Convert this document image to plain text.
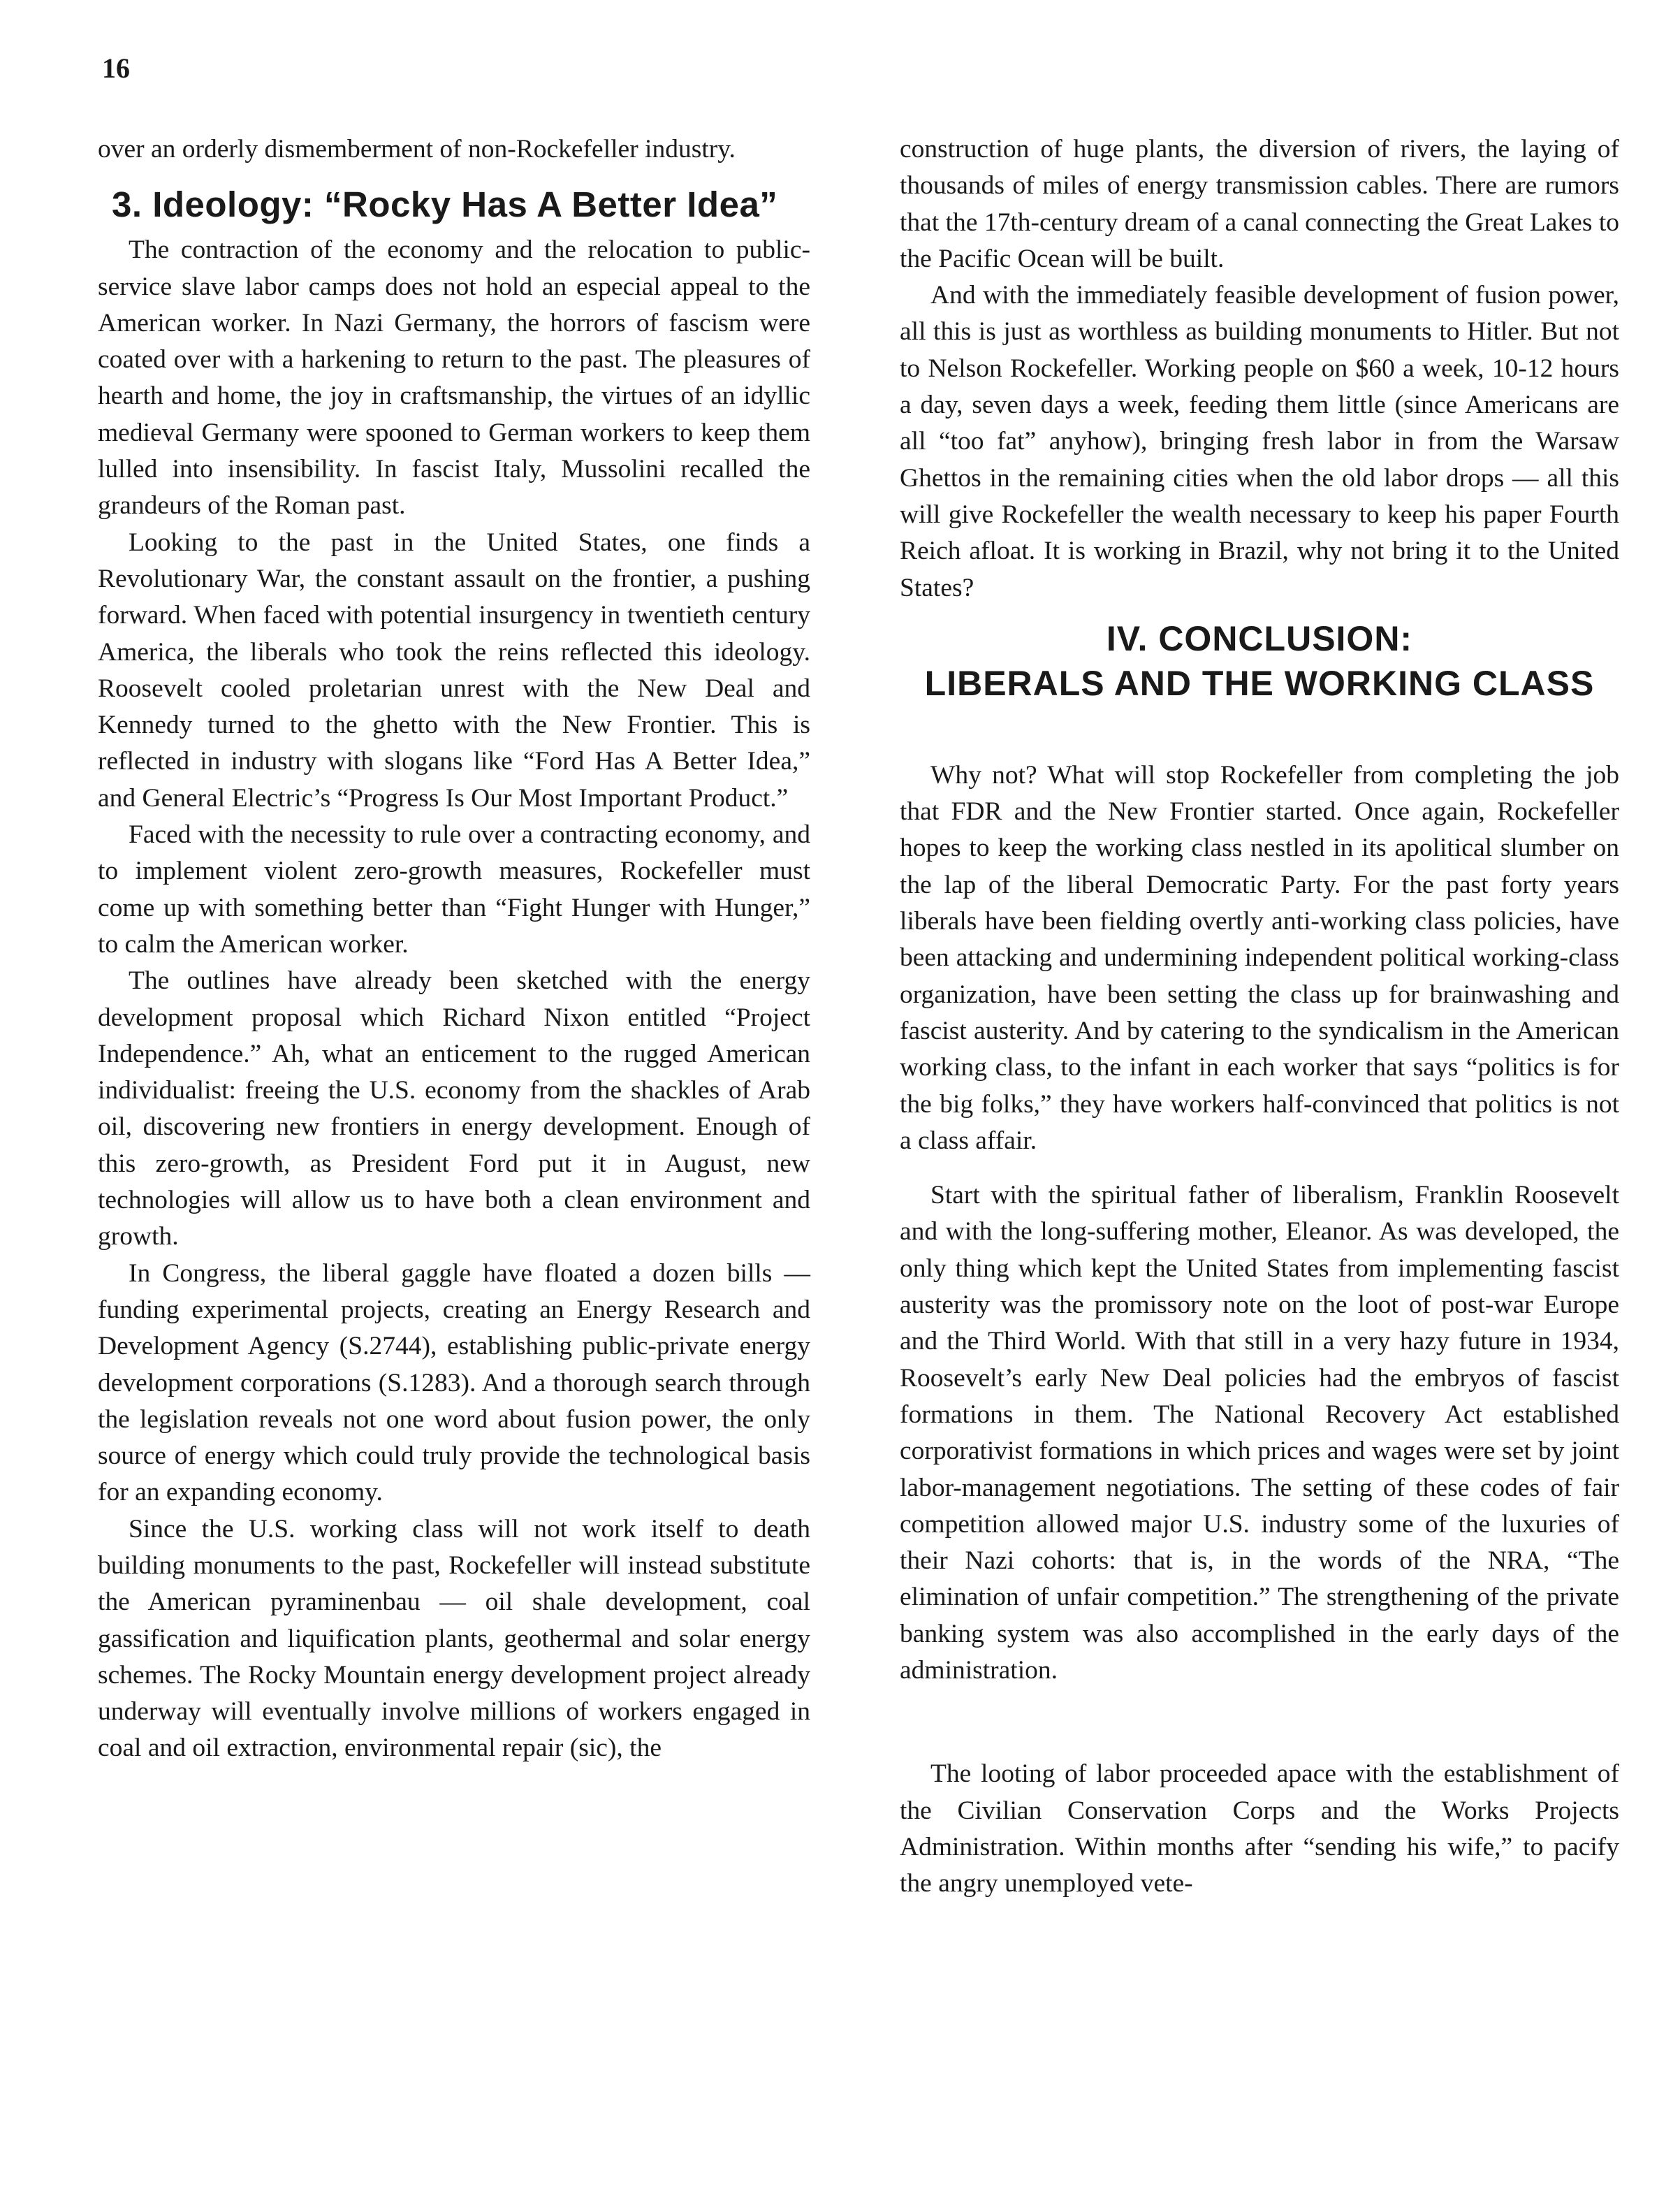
16

over an orderly dismemberment of non-Rockefeller industry.

3. Ideology: “Rocky Has A Better Idea”

The contraction of the economy and the relocation to public-service slave labor camps does not hold an especial appeal to the American worker. In Nazi Germany, the horrors of fascism were coated over with a harkening to return to the past. The pleasures of hearth and home, the joy in craftsmanship, the virtues of an idyllic medieval Germany were spooned to German workers to keep them lulled into insensibility. In fascist Italy, Mussolini recalled the grandeurs of the Roman past.

Looking to the past in the United States, one finds a Revolutionary War, the constant assault on the frontier, a pushing forward. When faced with potential insurgency in twentieth century America, the liberals who took the reins reflected this ideology. Roosevelt cooled proletarian unrest with the New Deal and Kennedy turned to the ghetto with the New Frontier. This is reflected in industry with slogans like “Ford Has A Better Idea,” and General Electric’s “Progress Is Our Most Important Product.”

Faced with the necessity to rule over a contracting economy, and to implement violent zero-growth measures, Rockefeller must come up with something better than “Fight Hunger with Hunger,” to calm the American worker.

The outlines have already been sketched with the energy development proposal which Richard Nixon entitled “Project Independence.” Ah, what an enticement to the rugged American individualist: freeing the U.S. economy from the shackles of Arab oil, discovering new frontiers in energy development. Enough of this zero-growth, as President Ford put it in August, new technologies will allow us to have both a clean environment and growth.

In Congress, the liberal gaggle have floated a dozen bills — funding experimental projects, creating an Energy Research and Development Agency (S.2744), establishing public-private energy development corporations (S.1283). And a thorough search through the legislation reveals not one word about fusion power, the only source of energy which could truly provide the technological basis for an expanding economy.

Since the U.S. working class will not work itself to death building monuments to the past, Rockefeller will instead substitute the American pyraminenbau — oil shale development, coal gassification and liquification plants, geothermal and solar energy schemes. The Rocky Mountain energy development project already underway will eventually involve millions of workers engaged in coal and oil extraction, environmental repair (sic), the

construction of huge plants, the diversion of rivers, the laying of thousands of miles of energy transmission cables. There are rumors that the 17th-century dream of a canal connecting the Great Lakes to the Pacific Ocean will be built.

And with the immediately feasible development of fusion power, all this is just as worthless as building monuments to Hitler. But not to Nelson Rockefeller. Working people on $60 a week, 10-12 hours a day, seven days a week, feeding them little (since Americans are all “too fat” anyhow), bringing fresh labor in from the Warsaw Ghettos in the remaining cities when the old labor drops — all this will give Rockefeller the wealth necessary to keep his paper Fourth Reich afloat. It is working in Brazil, why not bring it to the United States?

IV. CONCLUSION:
LIBERALS AND THE WORKING CLASS

Why not? What will stop Rockefeller from completing the job that FDR and the New Frontier started. Once again, Rockefeller hopes to keep the working class nestled in its apolitical slumber on the lap of the liberal Democratic Party. For the past forty years liberals have been fielding overtly anti-working class policies, have been attacking and undermining independent political working-class organization, have been setting the class up for brainwashing and fascist austerity. And by catering to the syndicalism in the American working class, to the infant in each worker that says “politics is for the big folks,” they have workers half-convinced that politics is not a class affair.

Start with the spiritual father of liberalism, Franklin Roosevelt and with the long-suffering mother, Eleanor. As was developed, the only thing which kept the United States from implementing fascist austerity was the promissory note on the loot of post-war Europe and the Third World. With that still in a very hazy future in 1934, Roosevelt’s early New Deal policies had the embryos of fascist formations in them. The National Recovery Act established corporativist formations in which prices and wages were set by joint labor-management negotiations. The setting of these codes of fair competition allowed major U.S. industry some of the luxuries of their Nazi cohorts: that is, in the words of the NRA, “The elimination of unfair competition.” The strengthening of the private banking system was also accomplished in the early days of the administration.

The looting of labor proceeded apace with the establishment of the Civilian Conservation Corps and the Works Projects Administration. Within months after “sending his wife,” to pacify the angry unemployed vete-
